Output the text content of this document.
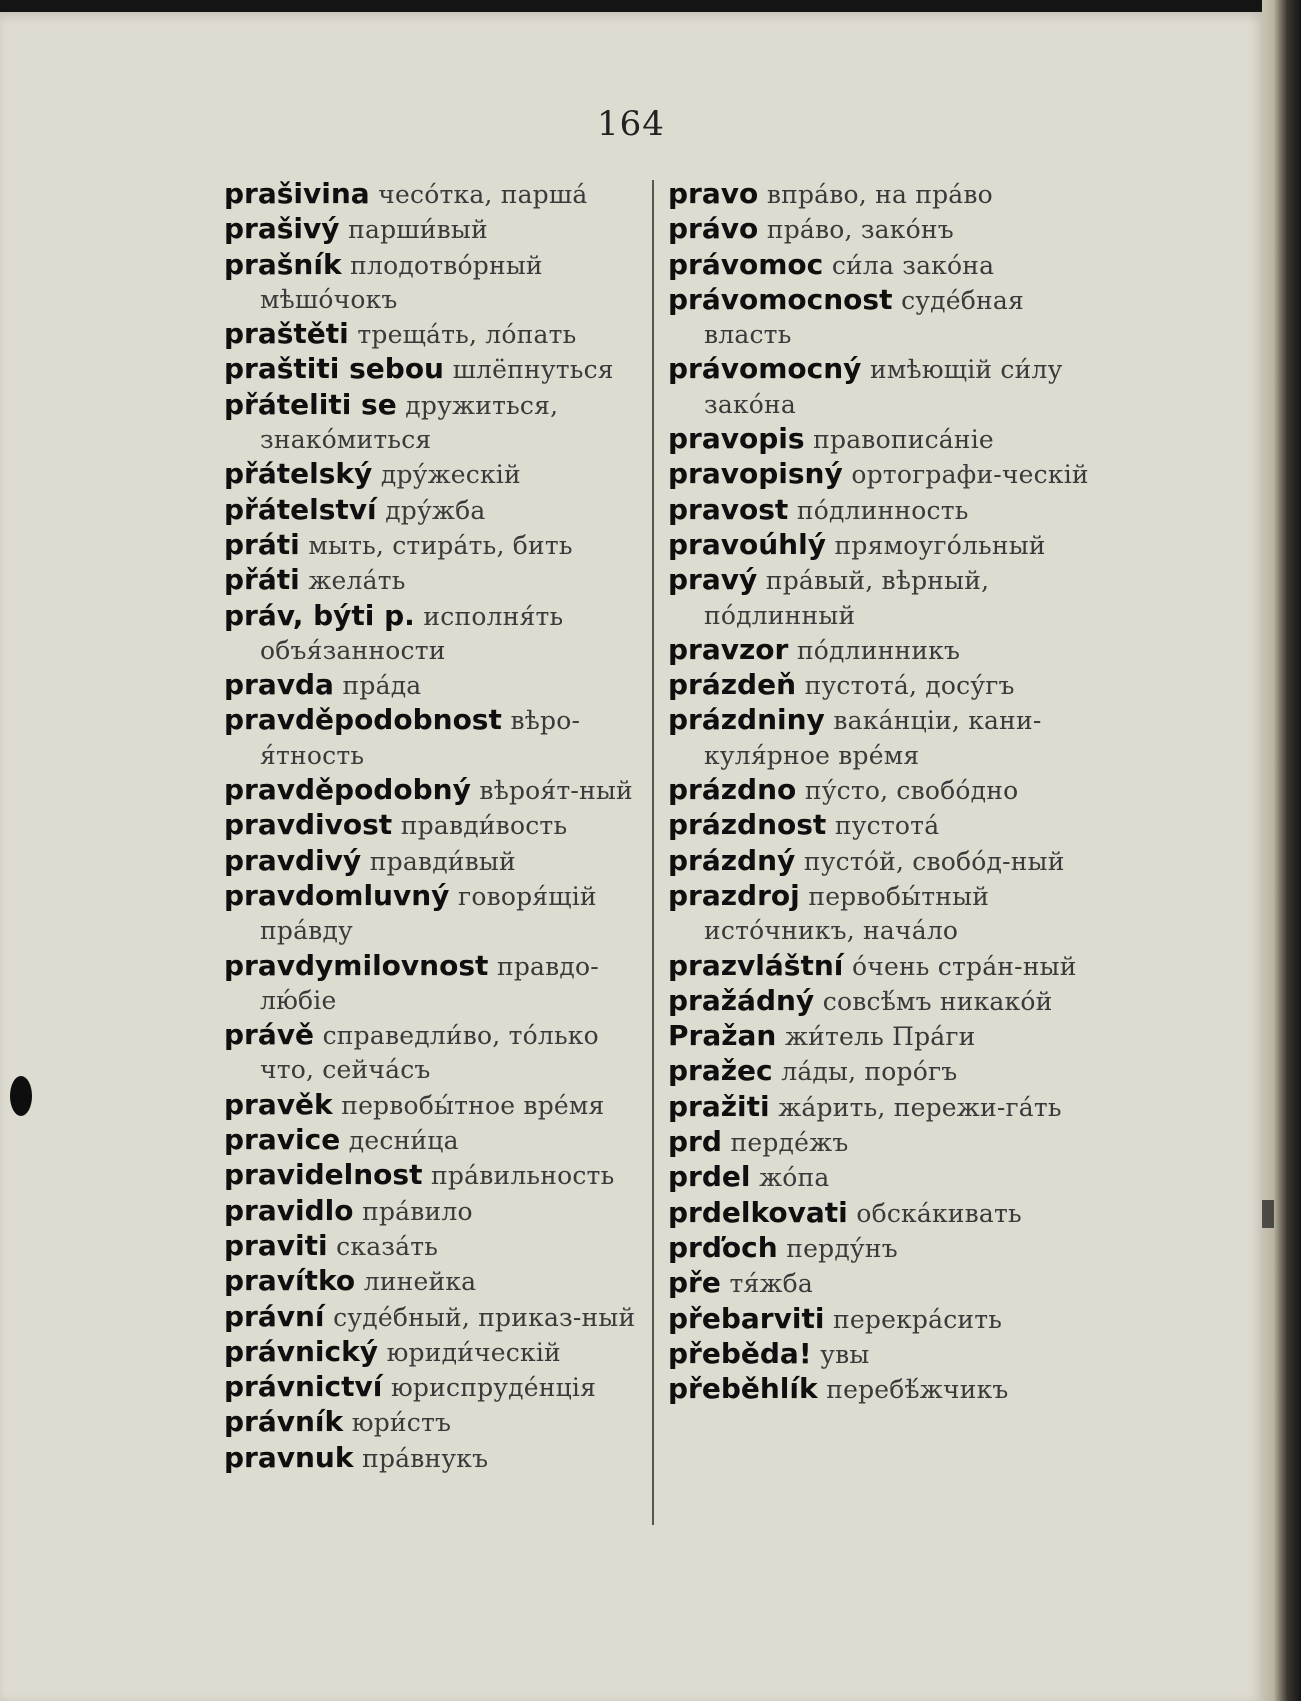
164

prašivina чесо́тка, парша́

prašivý парши́вый

prašník плодотво́рный мѣшо́чокъ

praštěti треща́ть, ло́пать

praštiti sebou шлёпнуться

přáteliti se дружиться, знако́миться

přátelský дру́жескій

přátelství дру́жба

práti мыть, стира́ть, бить

přáti жела́ть

práv, býti p. исполня́ть объя́занности

pravda пра́да

pravděpodobnost вѣро-я́тность

pravděpodobný вѣроя́т-ный

pravdivost правди́вость

pravdivý правди́вый

pravdomluvný говоря́щій пра́вду

pravdymilovnost правдо-лю́біе

právě справедли́во, то́лько что, сейча́съ

pravěk первобы́тное вре́мя

pravice десни́ца

pravidelnost пра́вильность

pravidlo пра́вило

praviti сказа́ть

pravítko линейка

právní суде́бный, приказ-ный

právnický юриди́ческій

právnictví юриспруде́нція

právník юри́стъ

pravnuk пра́внукъ

pravo впра́во, на пра́во

právo пра́во, зако́нъ

právomoc си́ла зако́на

právomocnost суде́бная власть

právomocný имѣющій си́лу зако́на

pravopis правописа́ніе

pravopisný ортографи-ческій

pravost по́длинность

pravoúhlý прямоуго́льный

pravý пра́вый, вѣрный, по́длинный

pravzor по́длинникъ

prázdeň пустота́, досу́гъ

prázdniny вака́нціи, кани-куля́рное вре́мя

prázdno пу́сто, свобо́дно

prázdnost пустота́

prázdný пусто́й, свобо́д-ный

prazdroj первобы́тный исто́чникъ, нача́ло

prazvláštní о́чень стра́н-ный

pražádný совсѣ́мъ никако́й

Pražan жи́тель Пра́ги

pražec ла́ды, поро́гъ

pražiti жа́рить, пережи-га́ть

prd перде́жъ

prdel жо́па

prdelkovati обска́кивать

prďoch перду́нъ

pře тя́жба

přebarviti перекра́сить

přeběda! увы

přeběhlík перебѣ́жчикъ
